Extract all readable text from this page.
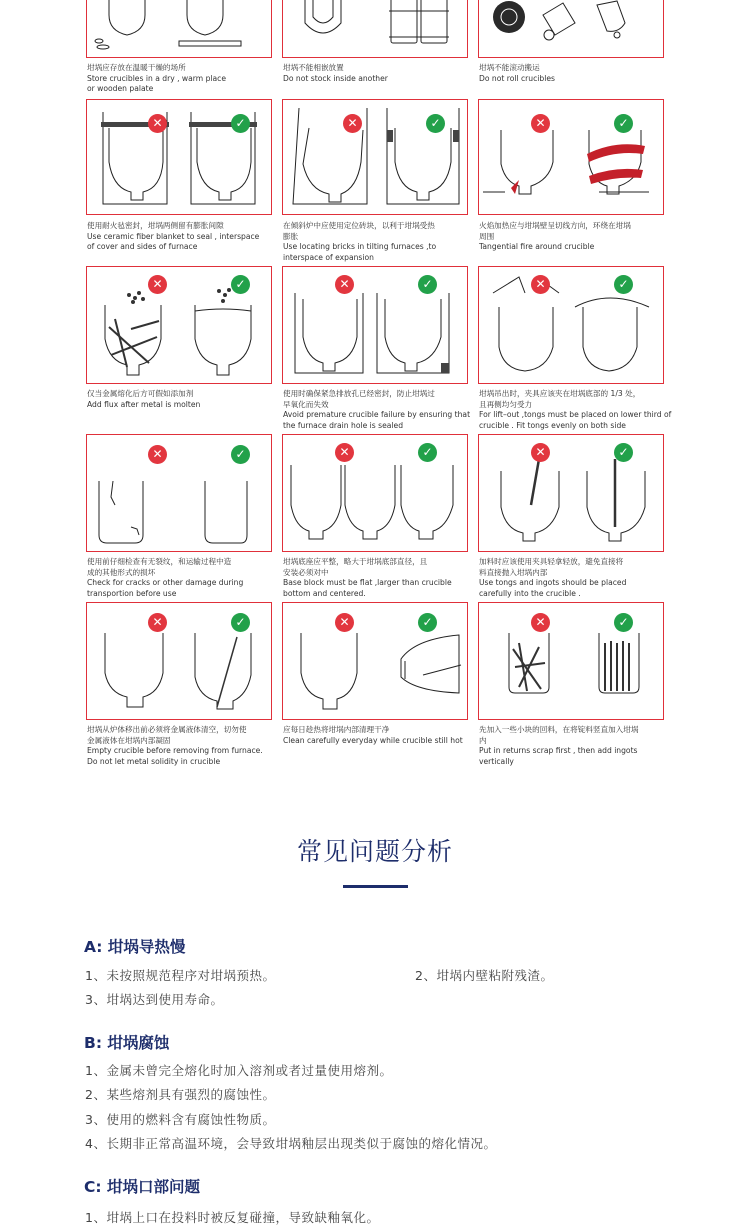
坩埚应存放在温暖干燥的场所
Store crucibles in a dry , warm place
or wooden palate
坩埚不能相嵌放置
Do not stock inside another
坩埚不能滚动搬运
Do not roll crucibles
✕	✓	✕	✓	✕	✓
使用耐火毡密封，坩埚两侧留有膨胀间隙
Use ceramic fiber blanket to seal , interspace
of cover and sides of furnace
在倾斜炉中应使用定位砖块，以利于坩埚受热
膨胀
Use locating bricks in tilting furnaces ,to
interspace of expansion
火焰加热应与坩埚壁呈切线方向，环绕在坩埚
周围
Tangential fire around crucible
✕	✓	✕	✓	✕	✓
仅当金属熔化后方可假如添加剂
Add flux after metal is molten
使用时确保紧急排放孔已经密封，防止坩埚过
早氧化而失效
Avoid premature crucible failure by ensuring that
the furnace drain hole is sealed
坩埚吊出时，夹具应该夹在坩埚底部的 1/3 处，
且再侧均匀受力
For lift–out ,tongs must be placed on lower third of
crucible . Fit tongs evenly on both side
✕	✓	✕	✓	✕	✓
使用前仔细检查有无裂纹，和运输过程中造
成的其他形式的损坏
Check for cracks or other damage during
transportion before use
坩埚底座应平整，略大于坩埚底部直径，且
安装必须对中
Base block must be flat ,larger than crucible
bottom and centered.
加料时应该使用夹具轻拿轻放，避免直接将
料直接抛入坩埚内部
Use tongs and ingots should be placed
carefully into the crucible .
✕	✓	✕	✓	✕	✓
坩埚从炉体移出前必须将金属液体清空，切勿使
金属液体在坩埚内部凝固
Empty crucible before removing from furnace.
Do not let metal solidity in crucible
应每日趁热将坩埚内部清理干净
Clean carefully everyday while crucible still hot
先加入一些小块的回料，在将锭料竖直加入坩埚
内
Put in returns scrap first , then add ingots
vertically
常见问题分析
A: 坩埚导热慢
1、未按照规范程序对坩埚预热。	2、坩埚内壁粘附残渣。
3、坩埚达到使用寿命。
B: 坩埚腐蚀
1、金属未曾完全熔化时加入溶剂或者过量使用熔剂。
2、某些熔剂具有强烈的腐蚀性。
3、使用的燃料含有腐蚀性物质。
4、长期非正常高温环境，会导致坩埚釉层出现类似于腐蚀的熔化情况。
C: 坩埚口部问题
1、坩埚上口在投料时被反复碰撞，导致缺釉氧化。
